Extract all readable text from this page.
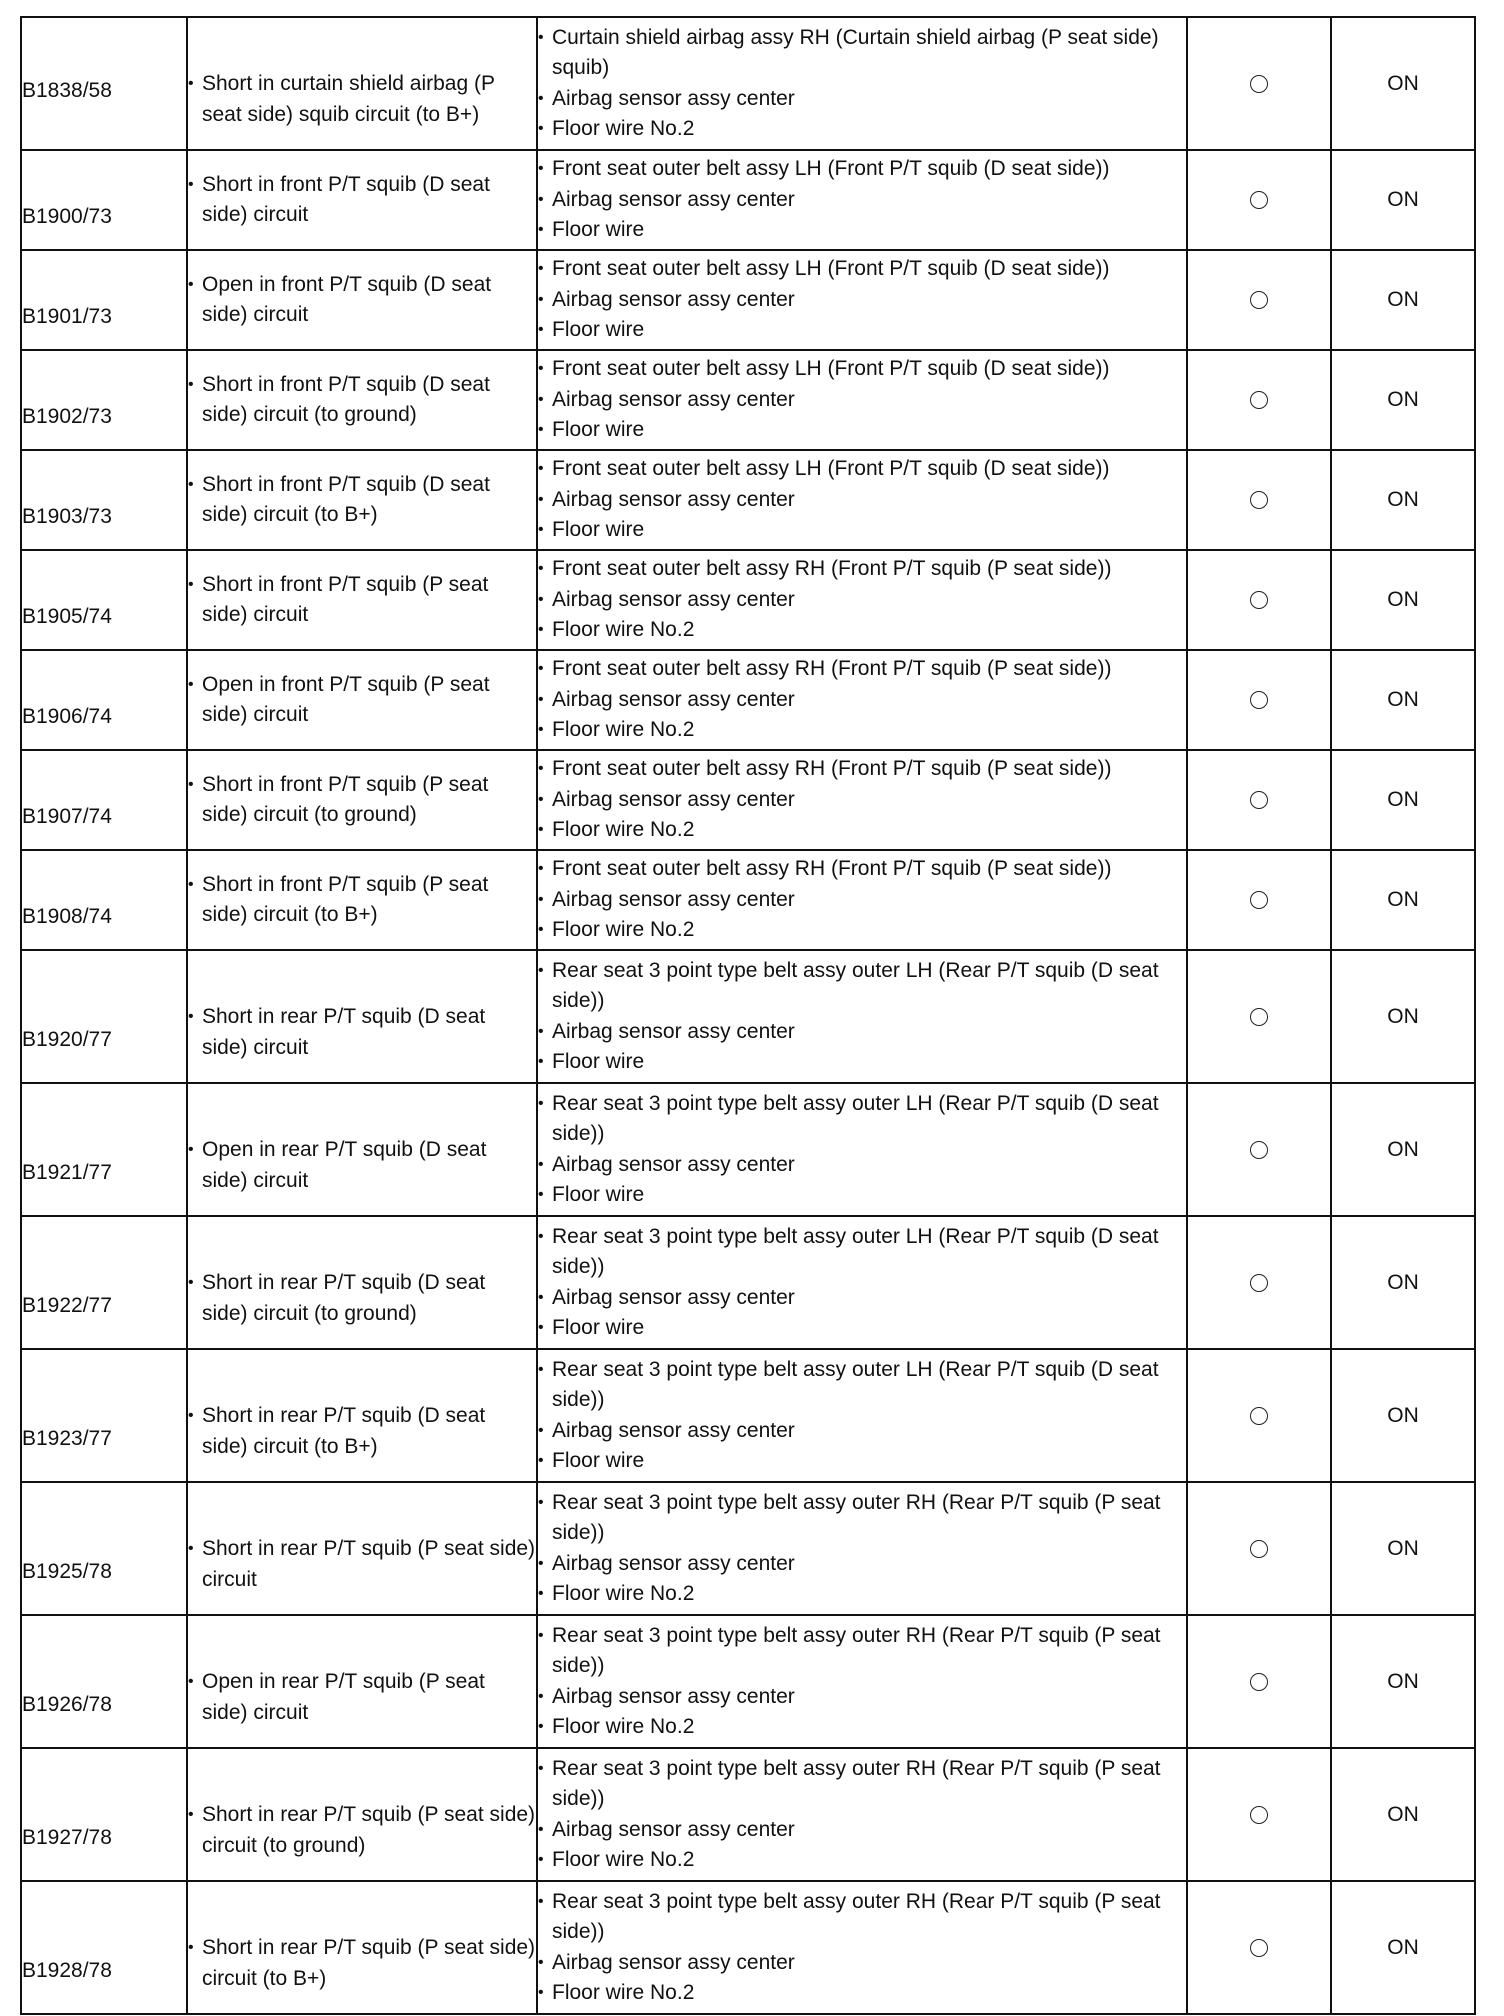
B1838/58	• Short in curtain shield airbag (P seat side) squib circuit (to B+)	• Curtain shield airbag assy RH (Curtain shield airbag (P seat side) squib)
• Airbag sensor assy center
• Floor wire No.2		ON

B1900/73	• Short in front P/T squib (D seat side) circuit	• Front seat outer belt assy LH (Front P/T squib (D seat side))
• Airbag sensor assy center
• Floor wire		ON

B1901/73	• Open in front P/T squib (D seat side) circuit	• Front seat outer belt assy LH (Front P/T squib (D seat side))
• Airbag sensor assy center
• Floor wire		ON

B1902/73	• Short in front P/T squib (D seat side) circuit (to ground)	• Front seat outer belt assy LH (Front P/T squib (D seat side))
• Airbag sensor assy center
• Floor wire		ON

B1903/73	• Short in front P/T squib (D seat side) circuit (to B+)	• Front seat outer belt assy LH (Front P/T squib (D seat side))
• Airbag sensor assy center
• Floor wire		ON

B1905/74	• Short in front P/T squib (P seat side) circuit	• Front seat outer belt assy RH (Front P/T squib (P seat side))
• Airbag sensor assy center
• Floor wire No.2		ON

B1906/74	• Open in front P/T squib (P seat side) circuit	• Front seat outer belt assy RH (Front P/T squib (P seat side))
• Airbag sensor assy center
• Floor wire No.2		ON

B1907/74	• Short in front P/T squib (P seat side) circuit (to ground)	• Front seat outer belt assy RH (Front P/T squib (P seat side))
• Airbag sensor assy center
• Floor wire No.2		ON

B1908/74	• Short in front P/T squib (P seat side) circuit (to B+)	• Front seat outer belt assy RH (Front P/T squib (P seat side))
• Airbag sensor assy center
• Floor wire No.2		ON

B1920/77	• Short in rear P/T squib (D seat side) circuit	• Rear seat 3 point type belt assy outer LH (Rear P/T squib (D seat side))
• Airbag sensor assy center
• Floor wire		ON

B1921/77	• Open in rear P/T squib (D seat side) circuit	• Rear seat 3 point type belt assy outer LH (Rear P/T squib (D seat side))
• Airbag sensor assy center
• Floor wire		ON

B1922/77	• Short in rear P/T squib (D seat side) circuit (to ground)	• Rear seat 3 point type belt assy outer LH (Rear P/T squib (D seat side))
• Airbag sensor assy center
• Floor wire		ON

B1923/77	• Short in rear P/T squib (D seat side) circuit (to B+)	• Rear seat 3 point type belt assy outer LH (Rear P/T squib (D seat side))
• Airbag sensor assy center
• Floor wire		ON

B1925/78	• Short in rear P/T squib (P seat side) circuit	• Rear seat 3 point type belt assy outer RH (Rear P/T squib (P seat side))
• Airbag sensor assy center
• Floor wire No.2		ON

B1926/78	• Open in rear P/T squib (P seat side) circuit	• Rear seat 3 point type belt assy outer RH (Rear P/T squib (P seat side))
• Airbag sensor assy center
• Floor wire No.2		ON

B1927/78	• Short in rear P/T squib (P seat side) circuit (to ground)	• Rear seat 3 point type belt assy outer RH (Rear P/T squib (P seat side))
• Airbag sensor assy center
• Floor wire No.2		ON

B1928/78	• Short in rear P/T squib (P seat side) circuit (to B+)	• Rear seat 3 point type belt assy outer RH (Rear P/T squib (P seat side))
• Airbag sensor assy center
• Floor wire No.2		ON
